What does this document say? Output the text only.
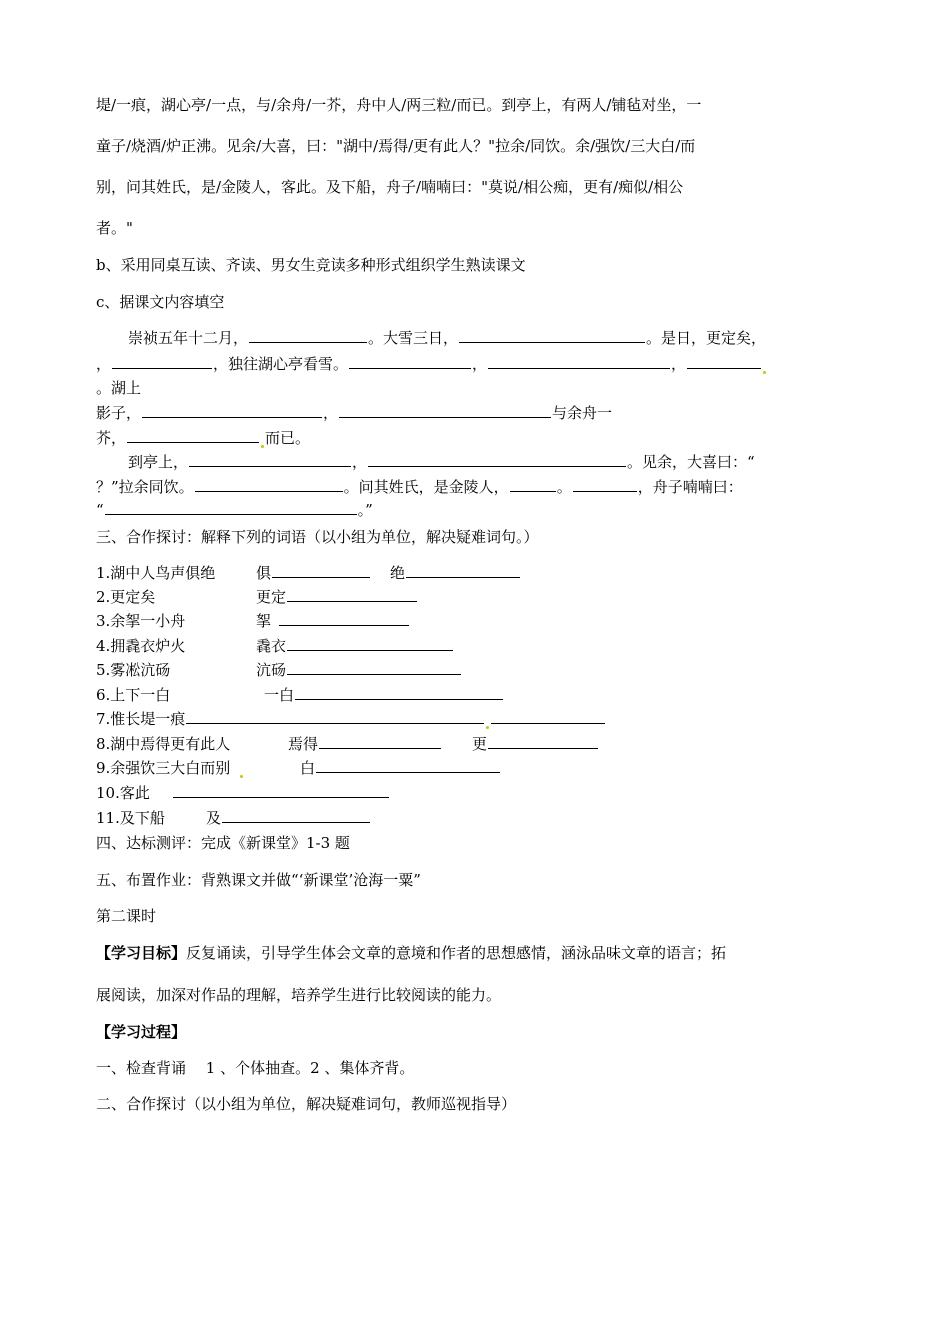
堤/一痕，湖心亭/一点，与/余舟/一芥，舟中人/两三粒/而已。到亭上，有两人/铺毡对坐，一
童子/烧酒/炉正沸。见余/大喜，曰："湖中/焉得/更有此人？"拉余/同饮。余/强饮/三大白/而
别，问其姓氏，是/金陵人，客此。及下船，舟子/喃喃曰："莫说/相公痴，更有/痴似/相公
者。"
b、采用同桌互读、齐读、男女生竞读多种形式组织学生熟读课文
c、据课文内容填空
崇祯五年十二月，	。大雪三日，	。是日，更定矣，
，	，独往湖心亭看雪。	，	，
。湖上
影子，	，	与余舟一
芥，	而已。
到亭上，	，	。见余，大喜曰：“
？”拉余同饮。	。问其姓氏，是金陵人，	。	，舟子喃喃曰：
“	。”
三、合作探讨：解释下列的词语（以小组为单位，解决疑难词句。）
1.湖中人鸟声俱绝	俱	绝
2.更定矣	更定
3.余挐一小舟	挐
4.拥毳衣炉火	毳衣
5.雾凇沆砀	沆砀
6.上下一白	一白
7.惟长堤一痕
8.湖中焉得更有此人	焉得	更
9.余强饮三大白而别	白
10.客此
11.及下船	及
四、达标测评：完成《新课堂》1-3 题
五、布置作业：背熟课文并做“‘新课堂’沧海一粟”
第二课时
【学习目标】反复诵读，引导学生体会文章的意境和作者的思想感情，涵泳品味文章的语言；拓
展阅读，加深对作品的理解，培养学生进行比较阅读的能力。
【学习过程】
一、检查背诵　 1 、个体抽查。2 、集体齐背。
二、合作探讨（以小组为单位，解决疑难词句，教师巡视指导）
